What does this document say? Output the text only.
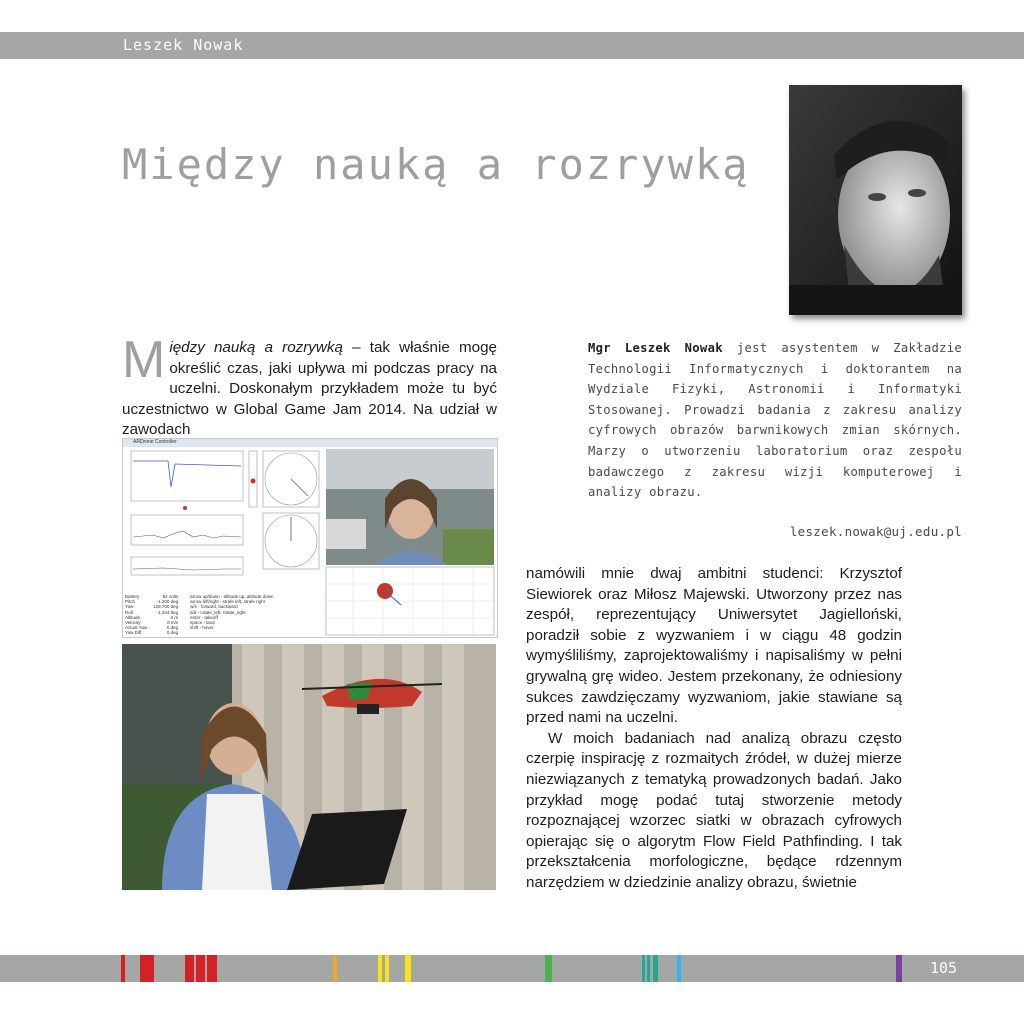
Leszek Nowak
Między nauką a rozrywką
Między nauką a rozrywką – tak właśnie mogę określić czas, jaki upływa mi podczas pracy na uczelni. Doskonałym przykładem może tu być uczestnictwo w Global Game Jam 2014. Na udział w zawodach
Mgr Leszek Nowak jest asystentem w Zakładzie Technologii Informatycznych i doktorantem na Wydziale Fizyki, Astronomii i Informatyki Stosowanej. Prowadzi badania z zakresu analizy cyfrowych obrazów barwnikowych zmian skórnych. Marzy o utworzeniu laboratorium oraz zespołu badawczego z zakresu wizji komputerowej i analizy obrazu.
leszek.nowak@uj.edu.pl
ARDrone Controller
Battery
Pitch
Yaw
Roll
Altitude
Velocity
Actual Yaw
Yaw Diff
92 volts
-1.200 deg
129.700 deg
-1.244 deg
0 m
0 m/s
0 deg
0 deg
arrow up/down - altitude up, altitude down
arrow left/right - strafe left, strafe right
w/s - forward, backward
a/d - rotate_left, rotate_right
enter - takeoff
space - land
shift - hover

namówili mnie dwaj ambitni studenci: Krzysztof Siewiorek oraz Miłosz Majewski. Utworzony przez nas zespół, reprezentujący Uniwersytet Jagielloński, poradził sobie z wyzwaniem i w ciągu 48 godzin wymyśliliśmy, zaprojektowaliśmy i napisaliśmy w pełni grywalną grę wideo. Jestem przekonany, że odniesiony sukces zawdzięczamy wyzwaniom, jakie stawiane są przed nami na uczelni.

W moich badaniach nad analizą obrazu często czerpię inspirację z rozmaitych źródeł, w dużej mierze niezwiązanych z tematyką prowadzonych badań. Jako przykład mogę podać tutaj stworzenie metody rozpoznającej wzorzec siatki w obrazach cyfrowych opierając się o algorytm Flow Field Pathfinding. I tak przekształcenia morfologiczne, będące rdzennym narzędziem w dziedzinie analizy obrazu, świetnie

105
